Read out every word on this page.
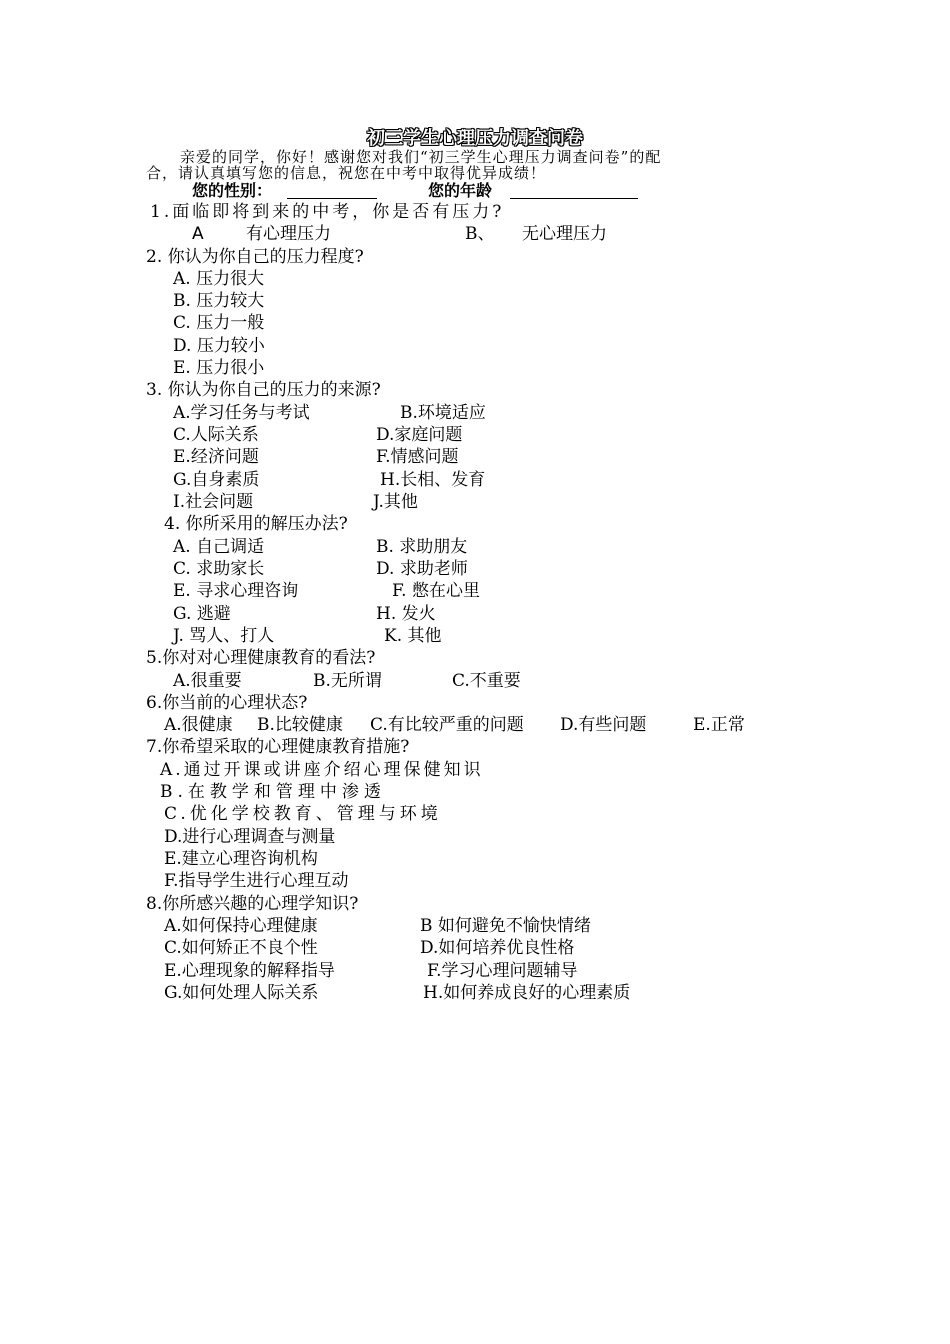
初三学生心理压力调查问卷
亲爱的同学，你好！感谢您对我们“初三学生心理压力调查问卷”的配
合，请认真填写您的信息，祝您在中考中取得优异成绩！
您的性别：	您的年龄
1.面临即将到来的中考，你是否有压力?
A 有心理压力	B、 无心理压力
2. 你认为你自己的压力程度?
A. 压力很大
B. 压力较大
C. 压力一般
D. 压力较小
E. 压力很小
3. 你认为你自己的压力的来源?
A.学习任务与考试	B.环境适应
C.人际关系	D.家庭问题
E.经济问题	F.情感问题
G.自身素质	H.长相、发育
I.社会问题	J.其他
4. 你所采用的解压办法?
A. 自己调适	B. 求助朋友
C. 求助家长	D. 求助老师
E. 寻求心理咨询	F. 憋在心里
G. 逃避	H. 发火
J. 骂人、打人	K. 其他
5.你对对心理健康教育的看法?
A.很重要	B.无所谓	C.不重要
6.你当前的心理状态?
A.很健康 B.比较健康 C.有比较严重的问题 D.有些问题	E.正常
7.你希望采取的心理健康教育措施?
A.通过开课或讲座介绍心理保健知识
B.在教学和管理中渗透
C.优化学校教育、管理与环境
D.进行心理调查与测量
E.建立心理咨询机构
F.指导学生进行心理互动
8.你所感兴趣的心理学知识?
A.如何保持心理健康	B 如何避免不愉快情绪
C.如何矫正不良个性	D.如何培养优良性格
E.心理现象的解释指导	F.学习心理问题辅导
G.如何处理人际关系	H.如何养成良好的心理素质
